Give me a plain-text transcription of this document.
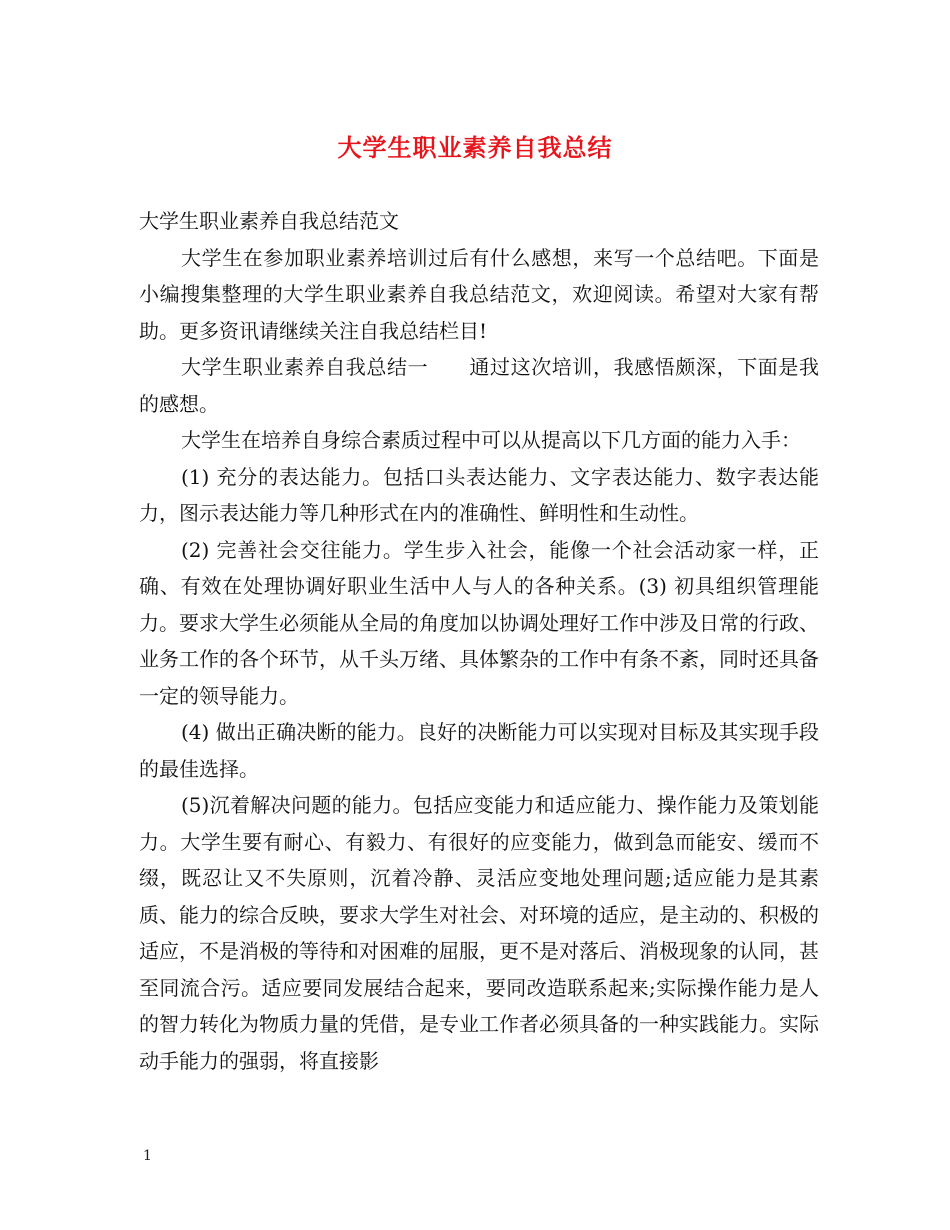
大学生职业素养自我总结

大学生职业素养自我总结范文

大学生在参加职业素养培训过后有什么感想，来写一个总结吧。下面是小编搜集整理的大学生职业素养自我总结范文，欢迎阅读。希望对大家有帮助。更多资讯请继续关注自我总结栏目!

大学生职业素养自我总结一　　通过这次培训，我感悟颇深，下面是我的感想。

大学生在培养自身综合素质过程中可以从提高以下几方面的能力入手：

(1) 充分的表达能力。包括口头表达能力、文字表达能力、数字表达能力，图示表达能力等几种形式在内的准确性、鲜明性和生动性。

(2) 完善社会交往能力。学生步入社会，能像一个社会活动家一样，正确、有效在处理协调好职业生活中人与人的各种关系。(3) 初具组织管理能力。要求大学生必须能从全局的角度加以协调处理好工作中涉及日常的行政、业务工作的各个环节，从千头万绪、具体繁杂的工作中有条不紊，同时还具备一定的领导能力。

(4) 做出正确决断的能力。良好的决断能力可以实现对目标及其实现手段的最佳选择。

(5)沉着解决问题的能力。包括应变能力和适应能力、操作能力及策划能力。大学生要有耐心、有毅力、有很好的应变能力，做到急而能安、缓而不缀，既忍让又不失原则，沉着冷静、灵活应变地处理问题;适应能力是其素质、能力的综合反映，要求大学生对社会、对环境的适应，是主动的、积极的适应，不是消极的等待和对困难的屈服，更不是对落后、消极现象的认同，甚至同流合污。适应要同发展结合起来，要同改造联系起来;实际操作能力是人的智力转化为物质力量的凭借，是专业工作者必须具备的一种实践能力。实际动手能力的强弱，将直接影

1
